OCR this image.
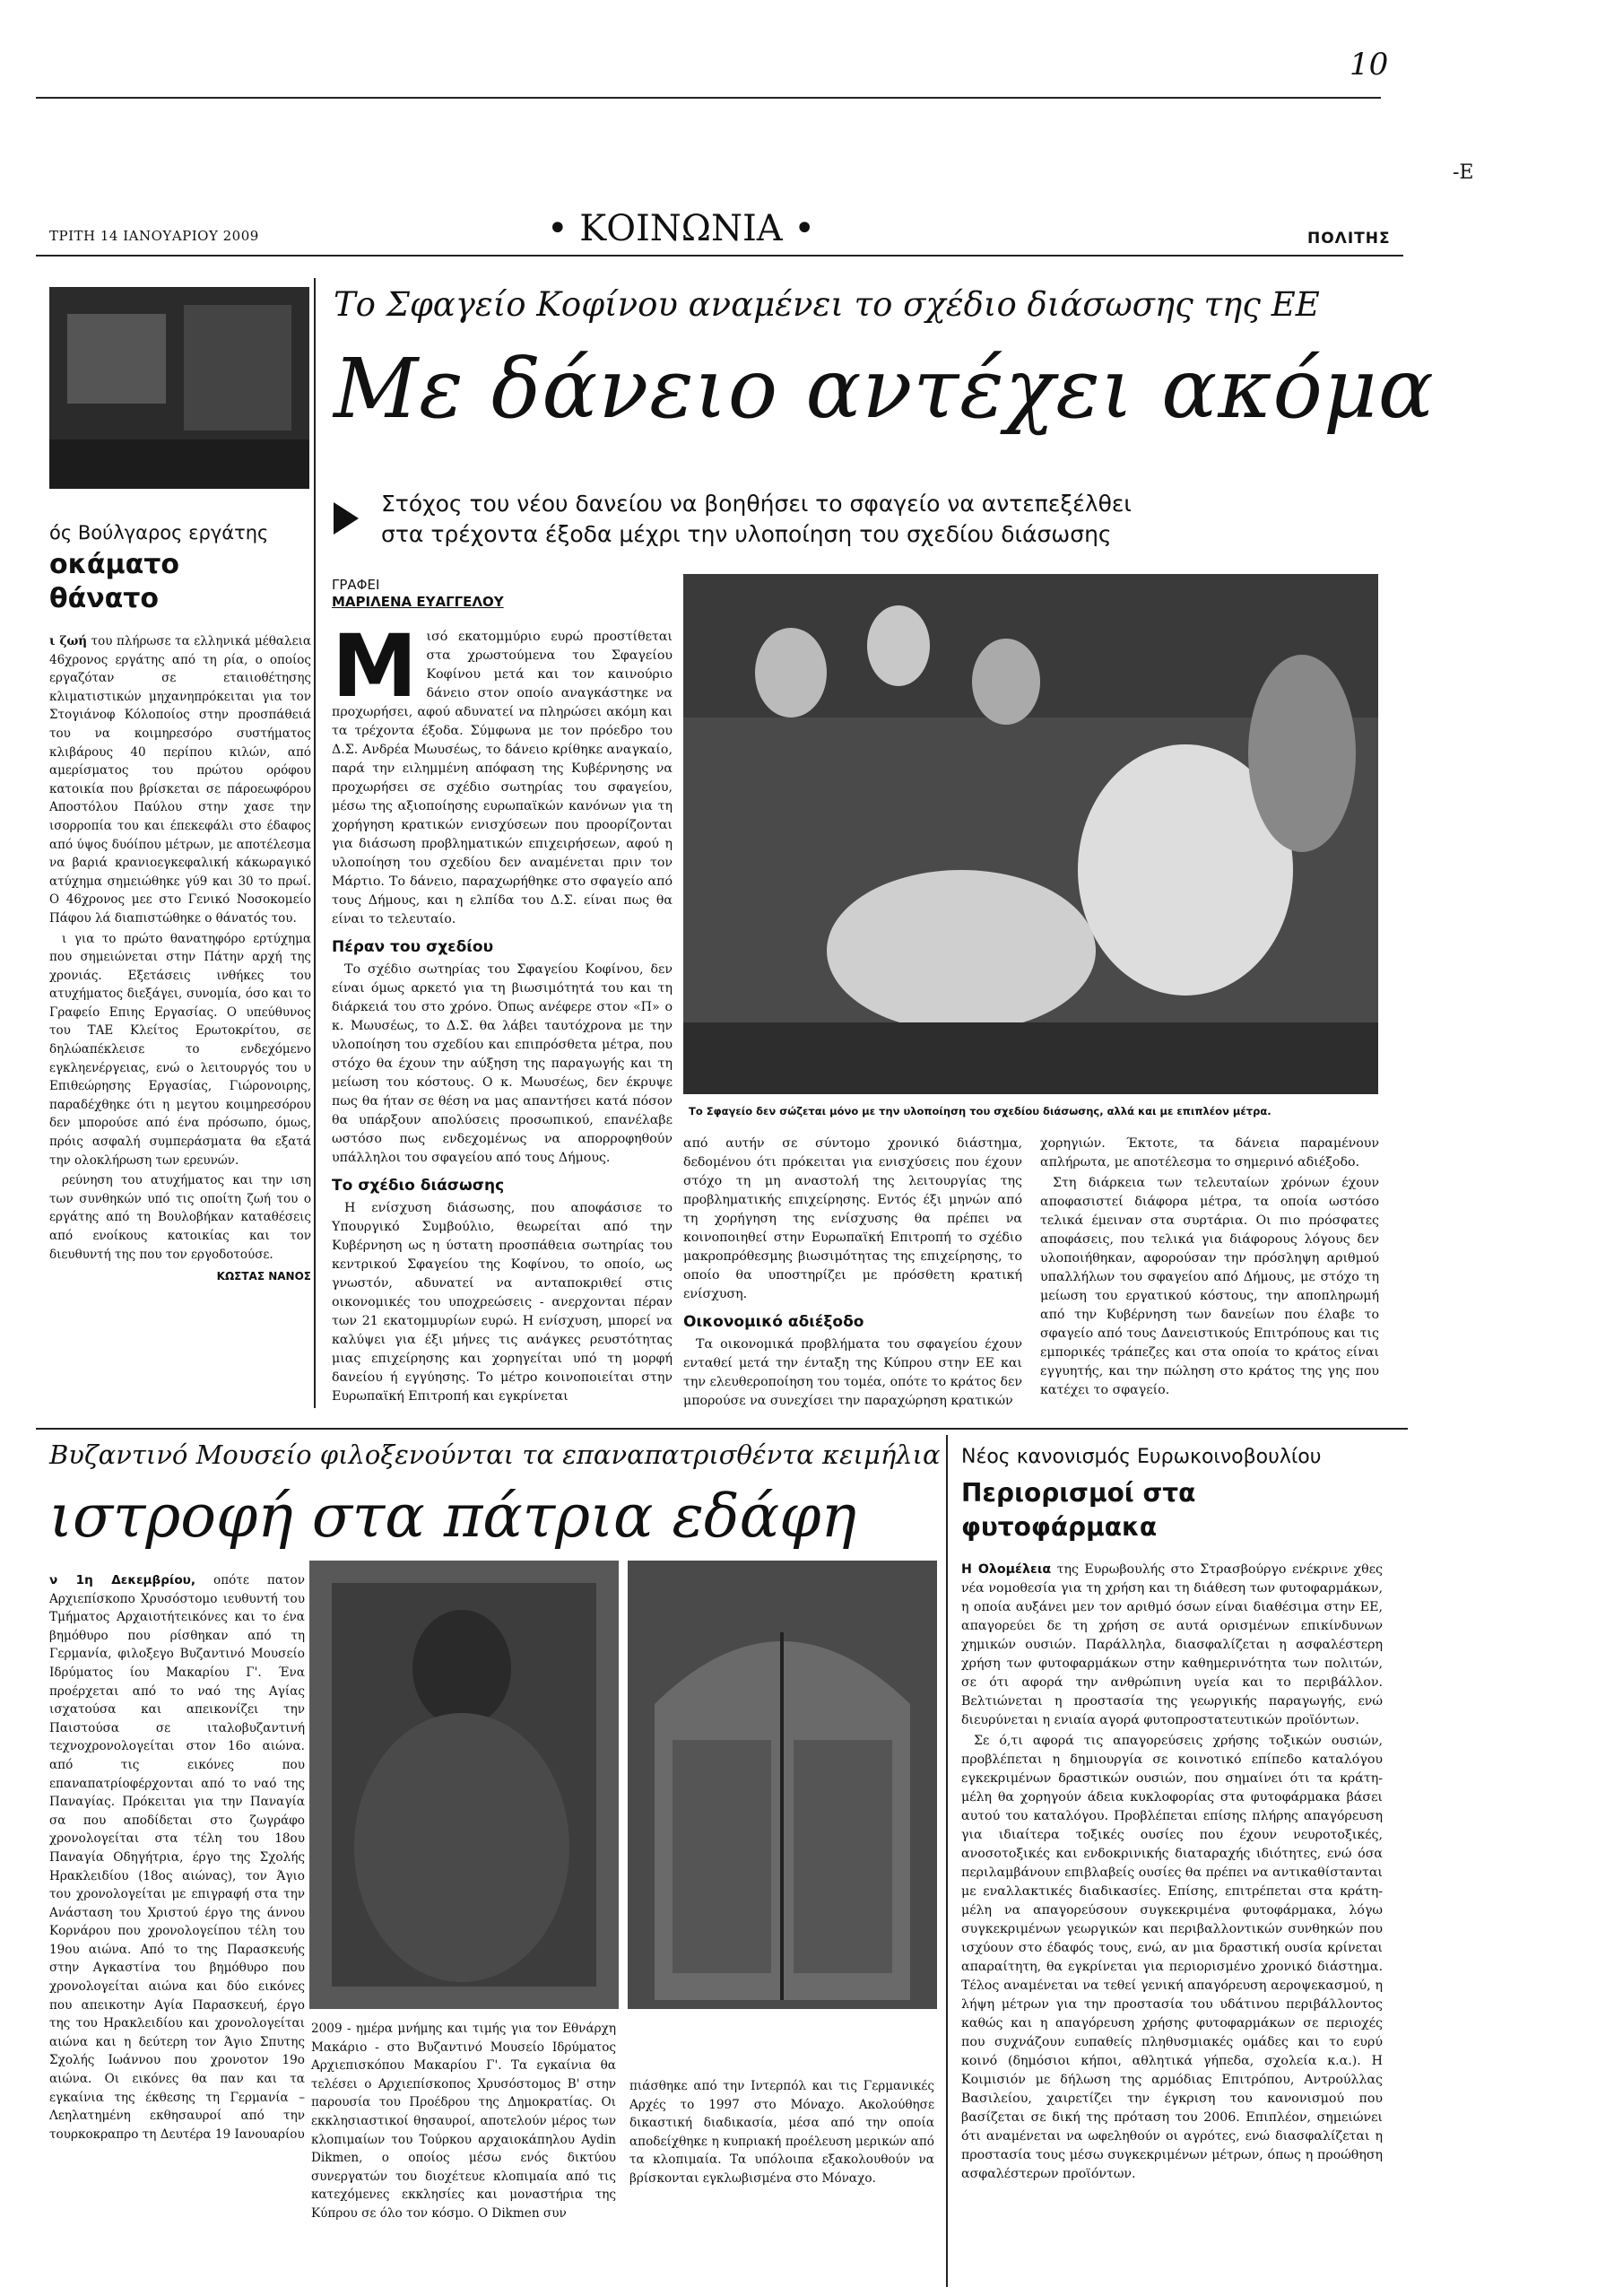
10
-E
ΤΡΙΤΗ 14 ΙΑΝΟΥΑΡΙΟΥ 2009	• ΚΟΙΝΩΝΙΑ •	ΠΟΛΙΤΗΣ
ός Βούλγαρος εργάτης
οκάματο
θάνατο

ι ζωή του πλήρωσε τα ελληνικά μέθαλεια 46χρονος εργάτης από τη ρία, ο οποίος εργαζόταν σε εταιιοθέτησης κλιματιστικών μηχανηπρόκειται για τον Στογιάνοφ Κόλοποίος στην προσπάθειά του να κοιμηρεσόρο συστήματος κλιβάρους 40 περίπου κιλών, από αμερίσματος του πρώτου ορόφου κατοικία που βρίσκεται σε πάροεωφόρου Αποστόλου Παύλου στην χασε την ισορροπία του και έπεκεφάλι στο έδαφος από ύψος δυόίπου μέτρων, με αποτέλεσμα να βαριά κρανιοεγκεφαλική κάκωραγικό ατύχημα σημειώθηκε γύ9 και 30 το πρωί. Ο 46χρονος μεε στο Γενικό Νοσοκομείο Πάφου λά διαπιστώθηκε ο θάνατός του.

ι για το πρώτο θανατηφόρο ερτύχημα που σημειώνεται στην Πάτην αρχή της χρονιάς. Εξετάσεις ινθήκες του ατυχήματος διεξάγει, συνομία, όσο και το Γραφείο Επιης Εργασίας. Ο υπεύθυνος του ΤΑΕ Κλείτος Ερωτοκρίτου, σε δηλώαπέκλεισε το ενδεχόμενο εγκληενέργειας, ενώ ο λειτουργός του υ Επιθεώρησης Εργασίας, Γιώρονοιρης, παραδέχθηκε ότι η μεγτου κοιμηρεσόρου δεν μπορούσε από ένα πρόσωπο, όμως, πρόις ασφαλή συμπεράσματα θα εξατά την ολοκλήρωση των ερευνών.

ρεύνηση του ατυχήματος και την ιση των συνθηκών υπό τις οποίτη ζωή του ο εργάτης από τη Βουλοβήκαν καταθέσεις από ενοίκους κατοικίας και τον διευθυντή της που τον εργοδοτούσε.

ΚΩΣΤΑΣ ΝΑΝΟΣ
Το Σφαγείο Κοφίνου αναμένει το σχέδιο διάσωσης της ΕΕ
Με δάνειο αντέχει ακόμα
Στόχος του νέου δανείου να βοηθήσει το σφαγείο να αντεπεξέλθει στα τρέχοντα έξοδα μέχρι την υλοποίηση του σχεδίου διάσωσης
ΓΡΑΦΕΙ
ΜΑΡΙΛΕΝΑ ΕΥΑΓΓΕΛΟΥ

Μ ισό εκατομμύριο ευρώ προστίθεται στα χρωστούμενα του Σφαγείου Κοφίνου μετά και τον καινούριο δάνειο στον οποίο αναγκάστηκε να προχωρήσει, αφού αδυνατεί να πληρώσει ακόμη και τα τρέχοντα έξοδα. Σύμφωνα με τον πρόεδρο του Δ.Σ. Ανδρέα Μωυσέως, το δάνειο κρίθηκε αναγκαίο, παρά την ειλημμένη απόφαση της Κυβέρνησης να προχωρήσει σε σχέδιο σωτηρίας του σφαγείου, μέσω της αξιοποίησης ευρωπαϊκών κανόνων για τη χορήγηση κρατικών ενισχύσεων που προορίζονται για διάσωση προβληματικών επιχειρήσεων, αφού η υλοποίηση του σχεδίου δεν αναμένεται πριν τον Μάρτιο. Το δάνειο, παραχωρήθηκε στο σφαγείο από τους Δήμους, και η ελπίδα του Δ.Σ. είναι πως θα είναι το τελευταίο.

Πέραν του σχεδίου

Το σχέδιο σωτηρίας του Σφαγείου Κοφίνου, δεν είναι όμως αρκετό για τη βιωσιμότητά του και τη διάρκειά του στο χρόνο. Όπως ανέφερε στον «Π» ο κ. Μωυσέως, το Δ.Σ. θα λάβει ταυτόχρονα με την υλοποίηση του σχεδίου και επιπρόσθετα μέτρα, που στόχο θα έχουν την αύξηση της παραγωγής και τη μείωση του κόστους. Ο κ. Μωυσέως, δεν έκρυψε πως θα ήταν σε θέση να μας απαντήσει κατά πόσον θα υπάρξουν απολύσεις προσωπικού, επανέλαβε ωστόσο πως ενδεχομένως να απορροφηθούν υπάλληλοι του σφαγείου από τους Δήμους.

Το σχέδιο διάσωσης

Η ενίσχυση διάσωσης, που αποφάσισε το Υπουργικό Συμβούλιο, θεωρείται από την Κυβέρνηση ως η ύστατη προσπάθεια σωτηρίας του κεντρικού Σφαγείου της Κοφίνου, το οποίο, ως γνωστόν, αδυνατεί να ανταποκριθεί στις οικονομικές του υποχρεώσεις - ανερχονται πέραν των 21 εκατομμυρίων ευρώ. Η ενίσχυση, μπορεί να καλύψει για έξι μήνες τις ανάγκες ρευστότητας μιας επιχείρησης και χορηγείται υπό τη μορφή δανείου ή εγγύησης. Το μέτρο κοινοποιείται στην Ευρωπαϊκή Επιτροπή και εγκρίνεται

Το Σφαγείο δεν σώζεται μόνο με την υλοποίηση του σχεδίου διάσωσης, αλλά και με επιπλέον μέτρα.

από αυτήν σε σύντομο χρονικό διάστημα, δεδομένου ότι πρόκειται για ενισχύσεις που έχουν στόχο τη μη αναστολή της λειτουργίας της προβληματικής επιχείρησης. Εντός έξι μηνών από τη χορήγηση της ενίσχυσης θα πρέπει να κοινοποιηθεί στην Ευρωπαϊκή Επιτροπή το σχέδιο μακροπρόθεσμης βιωσιμότητας της επιχείρησης, το οποίο θα υποστηρίζει με πρόσθετη κρατική ενίσχυση.

Οικονομικό αδιέξοδο

Τα οικονομικά προβλήματα του σφαγείου έχουν ενταθεί μετά την ένταξη της Κύπρου στην ΕΕ και την ελευθεροποίηση του τομέα, οπότε το κράτος δεν μπορούσε να συνεχίσει την παραχώρηση κρατικών

χορηγιών. Έκτοτε, τα δάνεια παραμένουν απλήρωτα, με αποτέλεσμα το σημερινό αδιέξοδο.

Στη διάρκεια των τελευταίων χρόνων έχουν αποφασιστεί διάφορα μέτρα, τα οποία ωστόσο τελικά έμειναν στα συρτάρια. Οι πιο πρόσφατες αποφάσεις, που τελικά για διάφορους λόγους δεν υλοποιήθηκαν, αφορούσαν την πρόσληψη αριθμού υπαλλήλων του σφαγείου από Δήμους, με στόχο τη μείωση του εργατικού κόστους, την αποπληρωμή από την Κυβέρνηση των δανείων που έλαβε το σφαγείο από τους Δανειστικούς Επιτρόπους και τις εμπορικές τράπεζες και στα οποία το κράτος είναι εγγυητής, και την πώληση στο κράτος της γης που κατέχει το σφαγείο.

Βυζαντινό Μουσείο φιλοξενούνται τα επαναπατρισθέντα κειμήλια
ιστροφή στα πάτρια εδάφη

ν 1η Δεκεμβρίου, οπότε πατον Αρχιεπίσκοπο Χρυσόστομο ιευθυντή του Τμήματος Αρχαιοτήτεικόνες και το ένα βημόθυρο που ρίσθηκαν από τη Γερμανία, φιλοξεγο Βυζαντινό Μουσείο Ιδρύματος ίου Μακαρίου Γ'. Ένα προέρχεται από το ναό της Αγίας ισχατούσα και απεικονίζει την Παιστούσα σε ιταλοβυζαντινή τεχνοχρονολογείται στον 16ο αιώνα. από τις εικόνες που επαναπατρίοφέρχονται από το ναό της Παναγίας. Πρόκειται για την Παναγία σα που αποδίδεται στο ζωγράφο χρονολογείται στα τέλη του 18ου Παναγία Οδηγήτρια, έργο της Σχολής Ηρακλειδίου (18ος αιώνας), τον Άγιο του χρονολογείται με επιγραφή στα την Ανάσταση του Χριστού έργο της άννου Κορνάρου που χρονολογείπου τέλη του 19ου αιώνα. Από το της Παρασκευής στην Αγκαστίνα του βημόθυρο που χρονολογείται αιώνα και δύο εικόνες που απεικοτην Αγία Παρασκευή, έργο της του Ηρακλειδίου και χρονολογείται αιώνα και η δεύτερη τον Άγιο Σπυτης Σχολής Ιωάννου που χρονοτον 19ο αιώνα. Οι εικόνες θα παν και τα εγκαίνια της έκθεσης τη Γερμανία – Λεηλατημένη εκθησαυροί από την τουρκοκραπρο τη Δευτέρα 19 Ιανουαρίου

2009 - ημέρα μνήμης και τιμής για τον Εθνάρχη Μακάριο - στο Βυζαντινό Μουσείο Ιδρύματος Αρχιεπισκόπου Μακαρίου Γ'. Τα εγκαίνια θα τελέσει ο Αρχιεπίσκοπος Χρυσόστομος Β' στην παρουσία του Προέδρου της Δημοκρατίας. Οι εκκλησιαστικοί θησαυροί, αποτελούν μέρος των κλοπιμαίων του Τούρκου αρχαιοκάπηλου Aydin Dikmen, ο οποίος μέσω ενός δικτύου συνεργατών του διοχέτευε κλοπιμαία από τις κατεχόμενες εκκλησίες και μοναστήρια της Κύπρου σε όλο τον κόσμο. Ο Dikmen συν

πιάσθηκε από την Ιντερπόλ και τις Γερμανικές Αρχές το 1997 στο Μόναχο. Ακολούθησε δικαστική διαδικασία, μέσα από την οποία αποδείχθηκε η κυπριακή προέλευση μερικών από τα κλοπιμαία. Τα υπόλοιπα εξακολουθούν να βρίσκονται εγκλωβισμένα στο Μόναχο.

Νέος κανονισμός Ευρωκοινοβουλίου
Περιορισμοί στα
φυτοφάρμακα

Η Ολομέλεια της Ευρωβουλής στο Στρασβούργο ενέκρινε χθες νέα νομοθεσία για τη χρήση και τη διάθεση των φυτοφαρμάκων, η οποία αυξάνει μεν τον αριθμό όσων είναι διαθέσιμα στην ΕΕ, απαγορεύει δε τη χρήση σε αυτά ορισμένων επικίνδυνων χημικών ουσιών. Παράλληλα, διασφαλίζεται η ασφαλέστερη χρήση των φυτοφαρμάκων στην καθημερινότητα των πολιτών, σε ότι αφορά την ανθρώπινη υγεία και το περιβάλλον. Βελτιώνεται η προστασία της γεωργικής παραγωγής, ενώ διευρύνεται η ενιαία αγορά φυτοπροστατευτικών προϊόντων.

Σε ό,τι αφορά τις απαγορεύσεις χρήσης τοξικών ουσιών, προβλέπεται η δημιουργία σε κοινοτικό επίπεδο καταλόγου εγκεκριμένων δραστικών ουσιών, που σημαίνει ότι τα κράτη-μέλη θα χορηγούν άδεια κυκλοφορίας στα φυτοφάρμακα βάσει αυτού του καταλόγου. Προβλέπεται επίσης πλήρης απαγόρευση για ιδιαίτερα τοξικές ουσίες που έχουν νευροτοξικές, ανοσοτοξικές και ενδοκρινικής διαταραχής ιδιότητες, ενώ όσα περιλαμβάνουν επιβλαβείς ουσίες θα πρέπει να αντικαθίστανται με εναλλακτικές διαδικασίες. Επίσης, επιτρέπεται στα κράτη-μέλη να απαγορεύσουν συγκεκριμένα φυτοφάρμακα, λόγω συγκεκριμένων γεωργικών και περιβαλλοντικών συνθηκών που ισχύουν στο έδαφός τους, ενώ, αν μια δραστική ουσία κρίνεται απαραίτητη, θα εγκρίνεται για περιορισμένο χρονικό διάστημα. Τέλος αναμένεται να τεθεί γενική απαγόρευση αεροψεκασμού, η λήψη μέτρων για την προστασία του υδάτινου περιβάλλοντος καθώς και η απαγόρευση χρήσης φυτοφαρμάκων σε περιοχές που συχνάζουν ευπαθείς πληθυσμιακές ομάδες και το ευρύ κοινό (δημόσιοι κήποι, αθλητικά γήπεδα, σχολεία κ.α.). Η Κοιμισιόν με δήλωση της αρμόδιας Επιτρόπου, Αντρούλλας Βασιλείου, χαιρετίζει την έγκριση του κανονισμού που βασίζεται σε δική της πρόταση του 2006. Επιπλέον, σημειώνει ότι αναμένεται να ωφεληθούν οι αγρότες, ενώ διασφαλίζεται η προστασία τους μέσω συγκεκριμένων μέτρων, όπως η προώθηση ασφαλέστερων προϊόντων.
